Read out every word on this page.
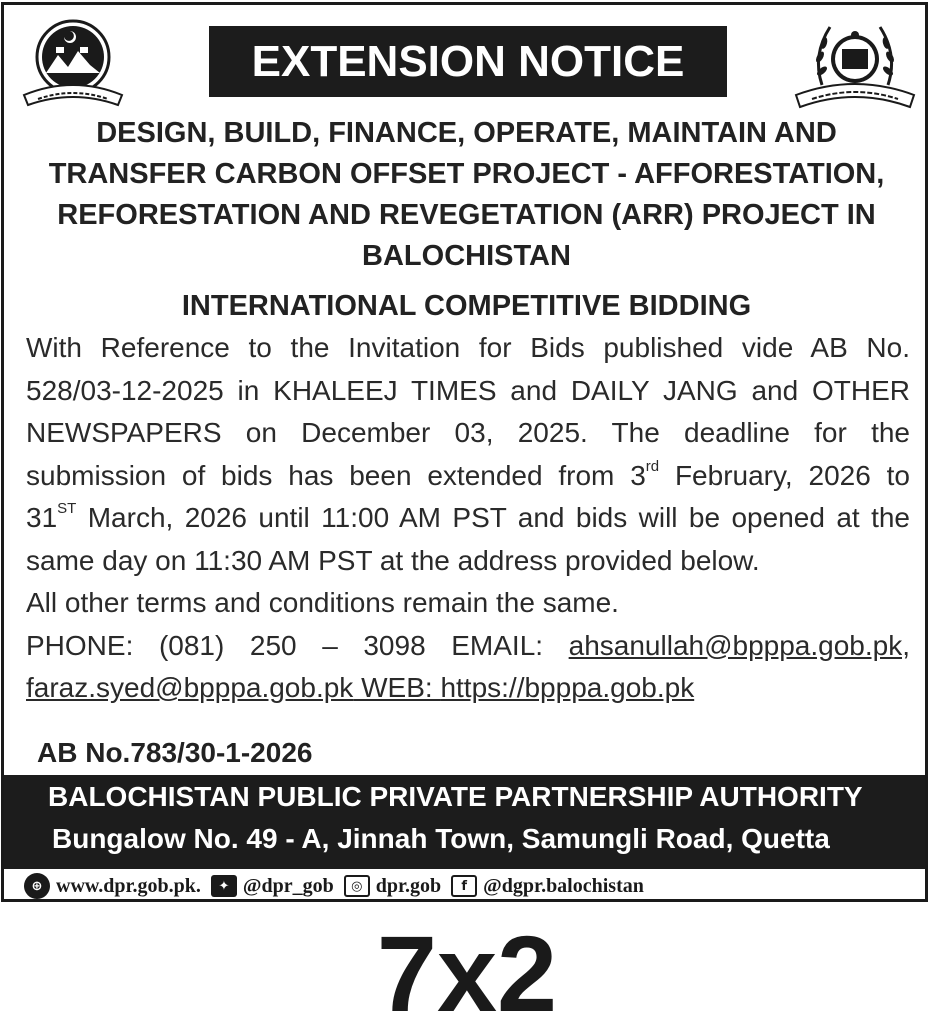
EXTENSION NOTICE
DESIGN, BUILD, FINANCE, OPERATE, MAINTAIN AND
TRANSFER CARBON OFFSET PROJECT - AFFORESTATION,
REFORESTATION AND REVEGETATION (ARR) PROJECT IN
BALOCHISTAN
INTERNATIONAL COMPETITIVE BIDDING
With Reference to the Invitation for Bids published vide AB No.
528/03-12-2025 in KHALEEJ TIMES and DAILY JANG and OTHER
NEWSPAPERS on December 03, 2025. The deadline for the
submission of bids has been extended from 3rd February, 2026 to
31ST March, 2026 until 11:00 AM PST and bids will be opened at the
same day on 11:30 AM PST at the address provided below.
All other terms and conditions remain the same.
PHONE: (081) 250 – 3098 EMAIL: ahsanullah@bpppa.gob.pk,
faraz.syed@bpppa.gob.pk WEB: https://bpppa.gob.pk
AB No.783/30-1-2026
BALOCHISTAN PUBLIC PRIVATE PARTNERSHIP AUTHORITY
Bungalow No. 49 - A, Jinnah Town, Samungli Road, Quetta
⊕ www.dpr.gob.pk.	✦ @dpr_gob	◎ dpr.gob	f @dgpr.balochistan
7x2
